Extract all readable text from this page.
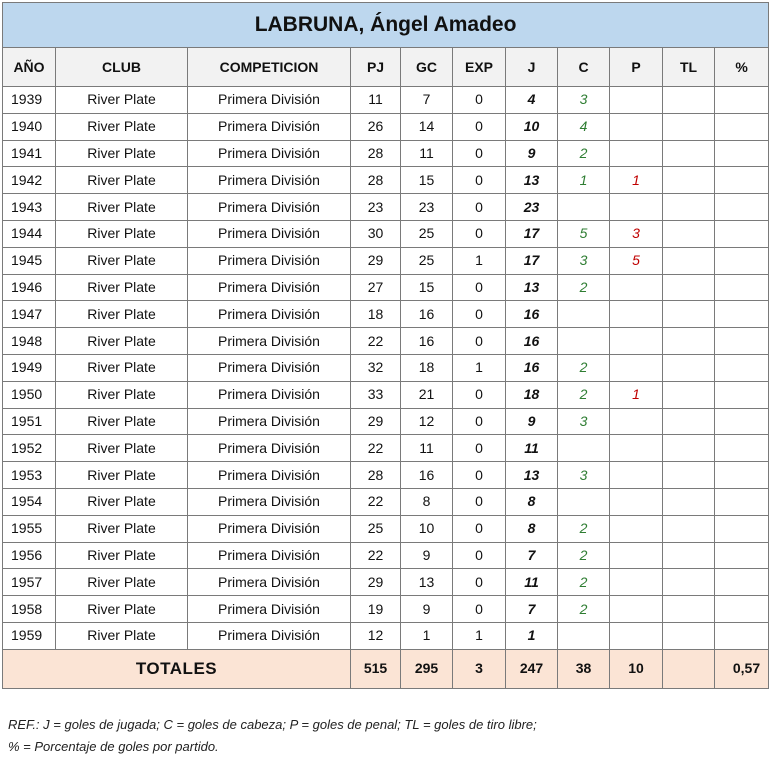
LABRUNA, Ángel Amadeo										
AÑO	CLUB	COMPETICION	PJ	GC	EXP	J	C	P	TL	%
1939	River Plate	Primera División	11	7	0	4	3			
1940	River Plate	Primera División	26	14	0	10	4			
1941	River Plate	Primera División	28	11	0	9	2			
1942	River Plate	Primera División	28	15	0	13	1	1		
1943	River Plate	Primera División	23	23	0	23				
1944	River Plate	Primera División	30	25	0	17	5	3		
1945	River Plate	Primera División	29	25	1	17	3	5		
1946	River Plate	Primera División	27	15	0	13	2			
1947	River Plate	Primera División	18	16	0	16				
1948	River Plate	Primera División	22	16	0	16				
1949	River Plate	Primera División	32	18	1	16	2			
1950	River Plate	Primera División	33	21	0	18	2	1		
1951	River Plate	Primera División	29	12	0	9	3			
1952	River Plate	Primera División	22	11	0	11				
1953	River Plate	Primera División	28	16	0	13	3			
1954	River Plate	Primera División	22	8	0	8				
1955	River Plate	Primera División	25	10	0	8	2			
1956	River Plate	Primera División	22	9	0	7	2			
1957	River Plate	Primera División	29	13	0	11	2			
1958	River Plate	Primera División	19	9	0	7	2			
1959	River Plate	Primera División	12	1	1	1				
TOTALES			515	295	3	247	38	10		0,57
REF.: J = goles de jugada; C = goles de cabeza; P = goles de penal; TL = goles de tiro libre;
% = Porcentaje de goles por partido.
